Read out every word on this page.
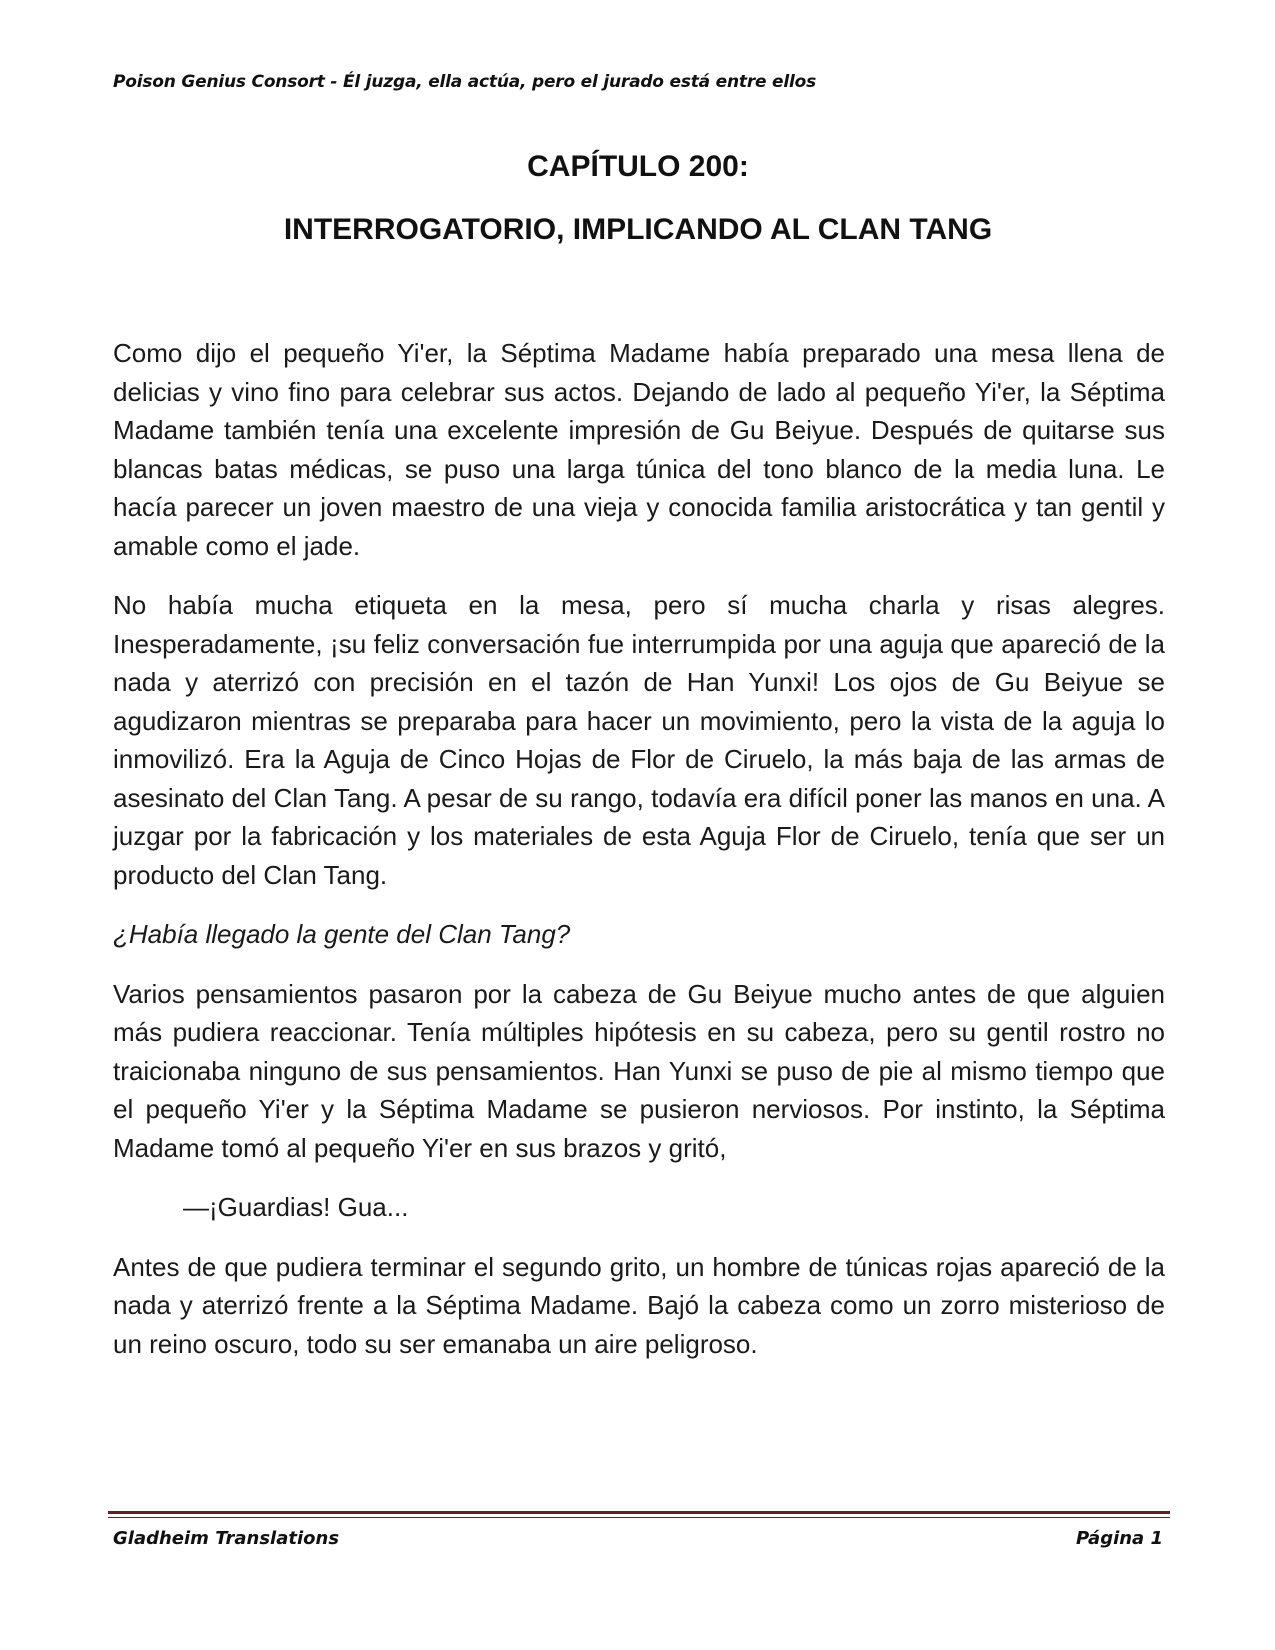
Poison Genius Consort - Él juzga, ella actúa, pero el jurado está entre ellos
CAPÍTULO 200:
INTERROGATORIO, IMPLICANDO AL CLAN TANG

Como dijo el pequeño Yi'er, la Séptima Madame había preparado una mesa llena de delicias y vino fino para celebrar sus actos. Dejando de lado al pequeño Yi'er, la Séptima Madame también tenía una excelente impresión de Gu Beiyue. Después de quitarse sus blancas batas médicas, se puso una larga túnica del tono blanco de la media luna. Le hacía parecer un joven maestro de una vieja y conocida familia aristocrática y tan gentil y amable como el jade.

No había mucha etiqueta en la mesa, pero sí mucha charla y risas alegres. Inesperadamente, ¡su feliz conversación fue interrumpida por una aguja que apareció de la nada y aterrizó con precisión en el tazón de Han Yunxi! Los ojos de Gu Beiyue se agudizaron mientras se preparaba para hacer un movimiento, pero la vista de la aguja lo inmovilizó. Era la Aguja de Cinco Hojas de Flor de Ciruelo, la más baja de las armas de asesinato del Clan Tang. A pesar de su rango, todavía era difícil poner las manos en una. A juzgar por la fabricación y los materiales de esta Aguja Flor de Ciruelo, tenía que ser un producto del Clan Tang.

¿Había llegado la gente del Clan Tang?

Varios pensamientos pasaron por la cabeza de Gu Beiyue mucho antes de que alguien más pudiera reaccionar. Tenía múltiples hipótesis en su cabeza, pero su gentil rostro no traicionaba ninguno de sus pensamientos. Han Yunxi se puso de pie al mismo tiempo que el pequeño Yi'er y la Séptima Madame se pusieron nerviosos. Por instinto, la Séptima Madame tomó al pequeño Yi'er en sus brazos y gritó,

—¡Guardias! Gua...

Antes de que pudiera terminar el segundo grito, un hombre de túnicas rojas apareció de la nada y aterrizó frente a la Séptima Madame. Bajó la cabeza como un zorro misterioso de un reino oscuro, todo su ser emanaba un aire peligroso.

Gladheim Translations	Página 1
